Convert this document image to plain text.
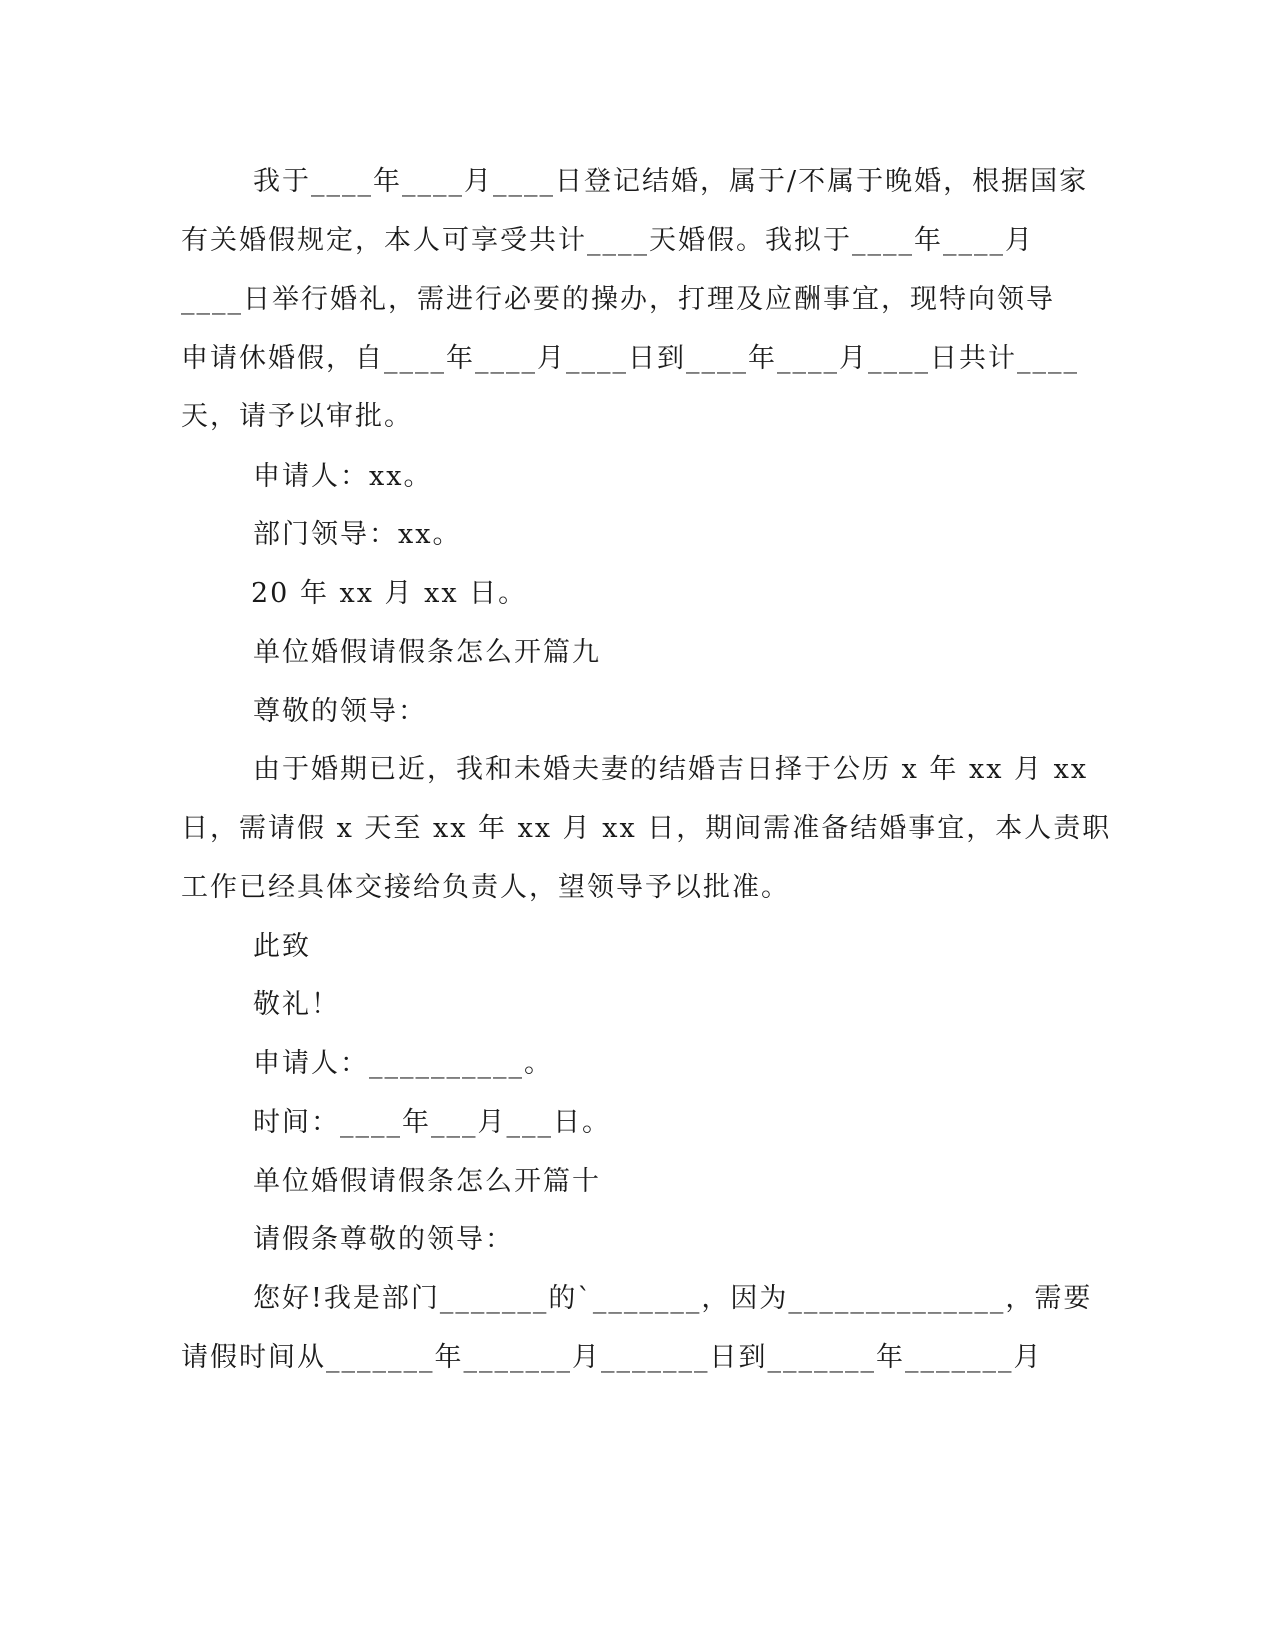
我于____年____月____日登记结婚，属于/不属于晚婚，根据国家
有关婚假规定，本人可享受共计____天婚假。我拟于____年____月
____日举行婚礼，需进行必要的操办，打理及应酬事宜，现特向领导
申请休婚假，自____年____月____日到____年____月____日共计____
天，请予以审批。
申请人：xx。
部门领导：xx。
20 年 xx 月 xx 日。
单位婚假请假条怎么开篇九
尊敬的领导：
由于婚期已近，我和未婚夫妻的结婚吉日择于公历 x 年 xx 月 xx
日，需请假 x 天至 xx 年 xx 月 xx 日，期间需准备结婚事宜，本人责职
工作已经具体交接给负责人，望领导予以批准。
此致
敬礼！
申请人：__________。
时间：____年___月___日。
单位婚假请假条怎么开篇十
请假条尊敬的领导：
您好!我是部门_______的`_______，因为______________，需要
请假时间从_______年_______月_______日到_______年_______月
